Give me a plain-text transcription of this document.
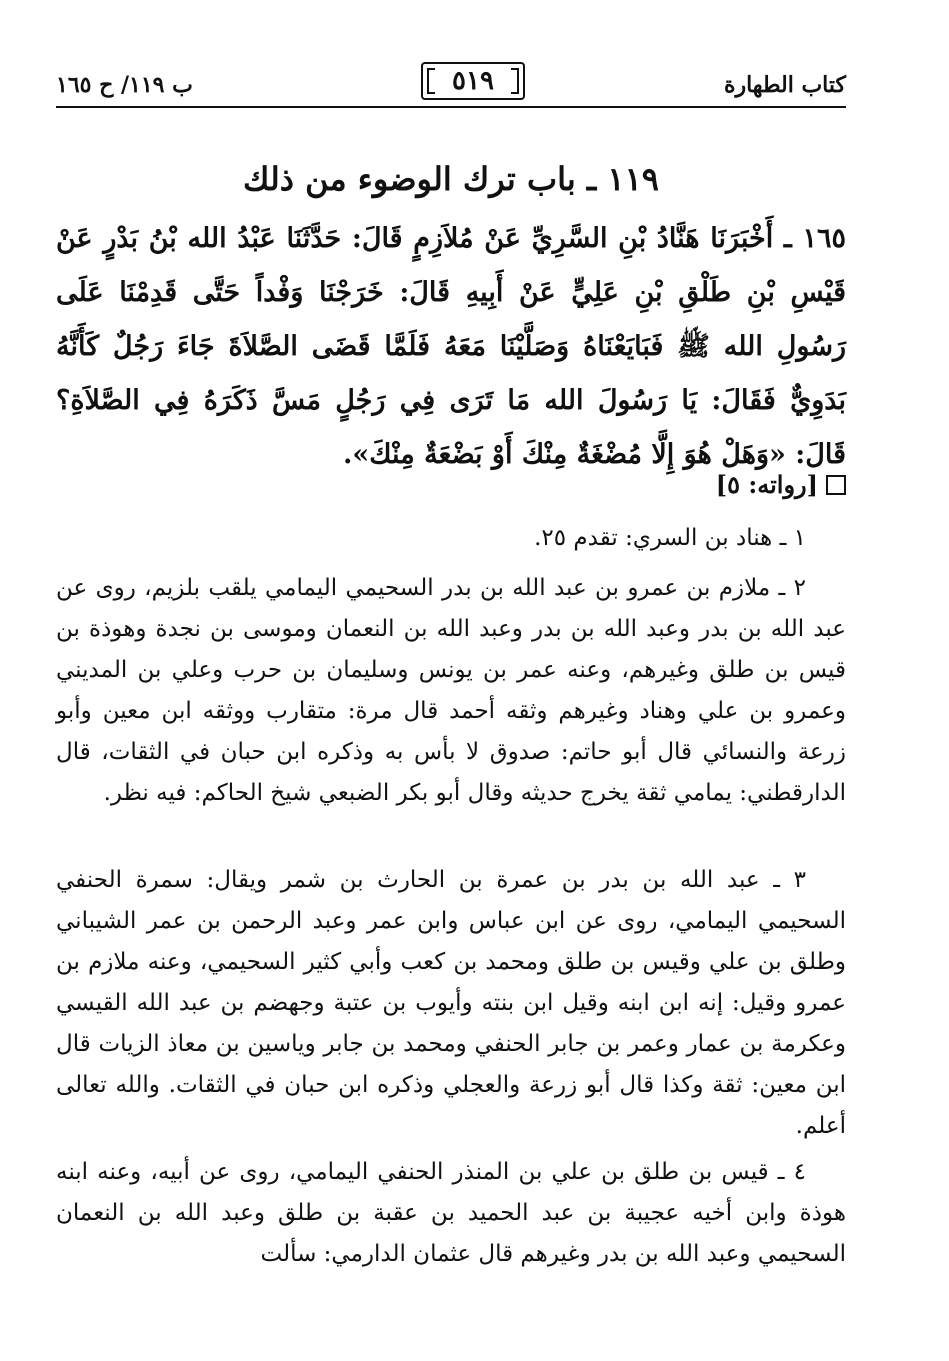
كتاب الطهارة
٥١٩
ب ١١٩/ ح ١٦٥
١١٩ ـ باب ترك الوضوء من ذلك
١٦٥ ـ أَخْبَرَنَا هَنَّادُ بْنِ السَّرِيِّ عَنْ مُلاَزِمٍ قَالَ: حَدَّثَنَا عَبْدُ الله بْنُ بَدْرٍ عَنْ قَيْسِ بْنِ طَلْقِ بْنِ عَلِيٍّ عَنْ أَبِيهِ قَالَ: خَرَجْنَا وَفْداً حَتَّى قَدِمْنَا عَلَى رَسُولِ الله ﷺ فَبَايَعْنَاهُ وَصَلَّيْنَا مَعَهُ فَلَمَّا قَضَى الصَّلاَةَ جَاءَ رَجُلٌ كَأَنَّهُ بَدَوِيٌّ فَقَالَ: يَا رَسُولَ الله مَا تَرَى فِي رَجُلٍ مَسَّ ذَكَرَهُ فِي الصَّلاَةِ؟ قَالَ: «وَهَلْ هُوَ إِلَّا مُضْغَةٌ مِنْكَ أَوْ بَضْعَةٌ مِنْكَ».
[رواته: ٥]
١ ـ هناد بن السري: تقدم ٢٥.
٢ ـ ملازم بن عمرو بن عبد الله بن بدر السحيمي اليمامي يلقب بلزيم، روى عن عبد الله بن بدر وعبد الله بن بدر وعبد الله بن النعمان وموسى بن نجدة وهوذة بن قيس بن طلق وغيرهم، وعنه عمر بن يونس وسليمان بن حرب وعلي بن المديني وعمرو بن علي وهناد وغيرهم وثقه أحمد قال مرة: متقارب ووثقه ابن معين وأبو زرعة والنسائي قال أبو حاتم: صدوق لا بأس به وذكره ابن حبان في الثقات، قال الدارقطني: يمامي ثقة يخرج حديثه وقال أبو بكر الضبعي شيخ الحاكم: فيه نظر.
٣ ـ عبد الله بن بدر بن عمرة بن الحارث بن شمر ويقال: سمرة الحنفي السحيمي اليمامي، روى عن ابن عباس وابن عمر وعبد الرحمن بن عمر الشيباني وطلق بن علي وقيس بن طلق ومحمد بن كعب وأبي كثير السحيمي، وعنه ملازم بن عمرو وقيل: إنه ابن ابنه وقيل ابن بنته وأيوب بن عتبة وجهضم بن عبد الله القيسي وعكرمة بن عمار وعمر بن جابر الحنفي ومحمد بن جابر وياسين بن معاذ الزيات قال ابن معين: ثقة وكذا قال أبو زرعة والعجلي وذكره ابن حبان في الثقات. والله تعالى أعلم.
٤ ـ قيس بن طلق بن علي بن المنذر الحنفي اليمامي، روى عن أبيه، وعنه ابنه هوذة وابن أخيه عجيبة بن عبد الحميد بن عقبة بن طلق وعبد الله بن النعمان السحيمي وعبد الله بن بدر وغيرهم قال عثمان الدارمي: سألت
